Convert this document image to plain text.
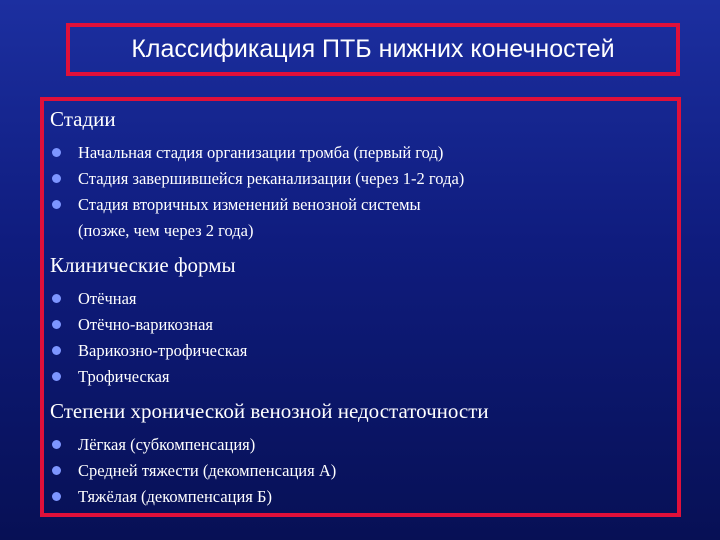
Классификация ПТБ нижних конечностей
Стадии
Начальная стадия организации тромба (первый год)
Стадия завершившейся реканализации (через 1-2 года)
Стадия вторичных изменений венозной системы
(позже, чем через 2 года)
Клинические формы
Отёчная
Отёчно-варикозная
Варикозно-трофическая
Трофическая
Степени хронической венозной недостаточности
Лёгкая (субкомпенсация)
Средней тяжести (декомпенсация А)
Тяжёлая (декомпенсация Б)
